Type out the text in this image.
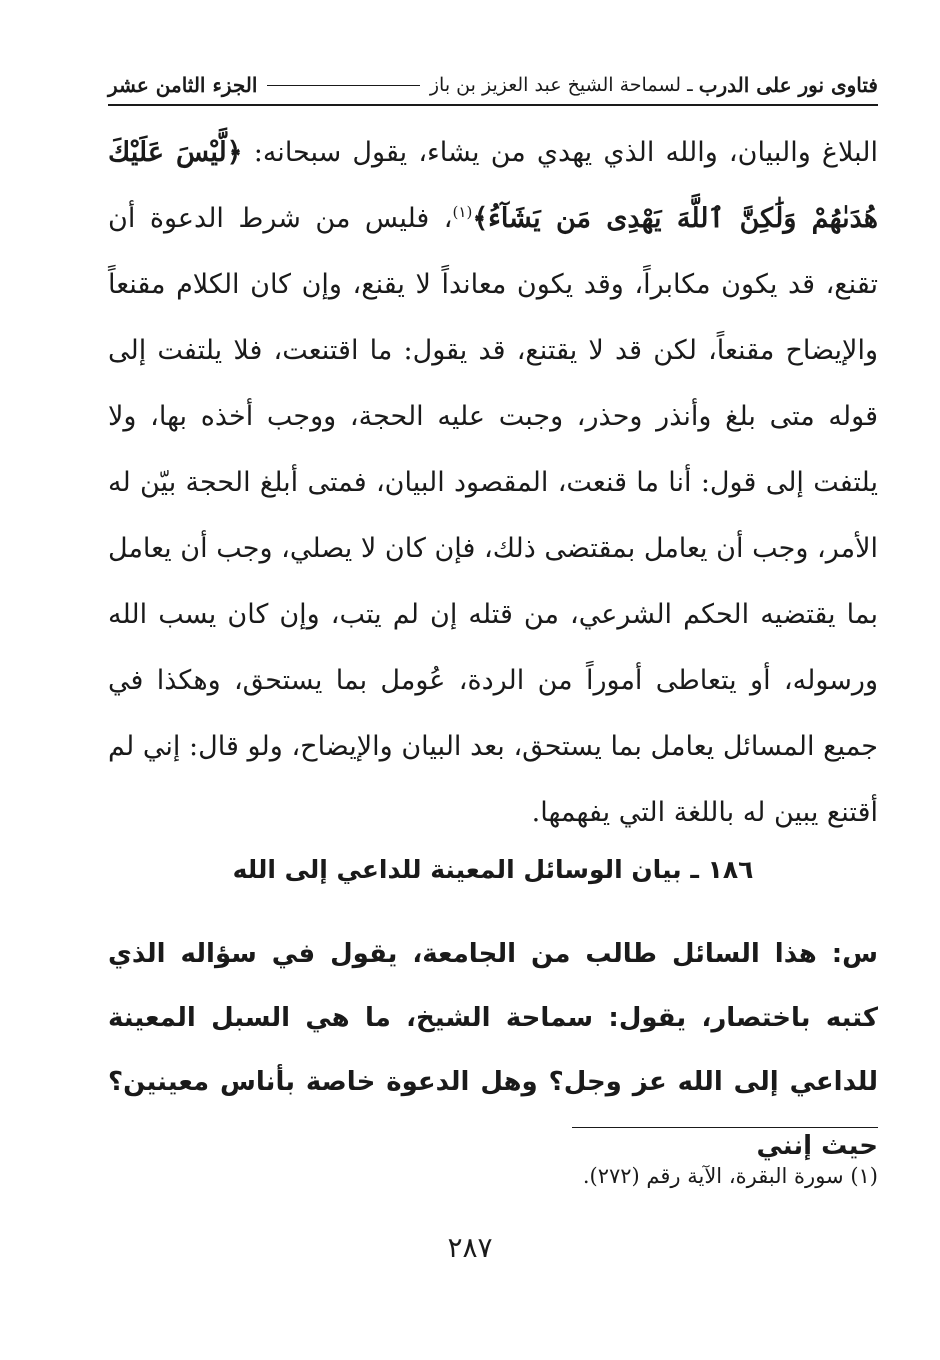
فتاوى نور على الدرب
ـ لسماحة الشيخ عبد العزيز بن باز
الجزء الثامن عشر

البلاغ والبيان، والله الذي يهدي من يشاء، يقول سبحانه: ﴿لَّيْسَ عَلَيْكَ هُدَىٰهُمْ وَلَٰكِنَّ ٱللَّهَ يَهْدِى مَن يَشَآءُ﴾$^{(١)}$، فليس من شرط الدعوة أن تقنع، قد يكون مكابراً، وقد يكون معانداً لا يقنع، وإن كان الكلام مقنعاً والإيضاح مقنعاً، لكن قد لا يقتنع، قد يقول: ما اقتنعت، فلا يلتفت إلى قوله متى بلغ وأنذر وحذر، وجبت عليه الحجة، ووجب أخذه بها، ولا يلتفت إلى قول: أنا ما قنعت، المقصود البيان، فمتى أبلغ الحجة بيّن له الأمر، وجب أن يعامل بمقتضى ذلك، فإن كان لا يصلي، وجب أن يعامل بما يقتضيه الحكم الشرعي، من قتله إن لم يتب، وإن كان يسب الله ورسوله، أو يتعاطى أموراً من الردة، عُومل بما يستحق، وهكذا في جميع المسائل يعامل بما يستحق، بعد البيان والإيضاح، ولو قال: إني لم أقتنع يبين له باللغة التي يفهمها.

١٨٦ ـ بيان الوسائل المعينة للداعي إلى الله

س: هذا السائل طالب من الجامعة، يقول في سؤاله الذي كتبه باختصار، يقول: سماحة الشيخ، ما هي السبل المعينة للداعي إلى الله عز وجل؟ وهل الدعوة خاصة بأناس معينين؟ حيث إنني

(١) سورة البقرة، الآية رقم (٢٧٢).
٢٨٧
